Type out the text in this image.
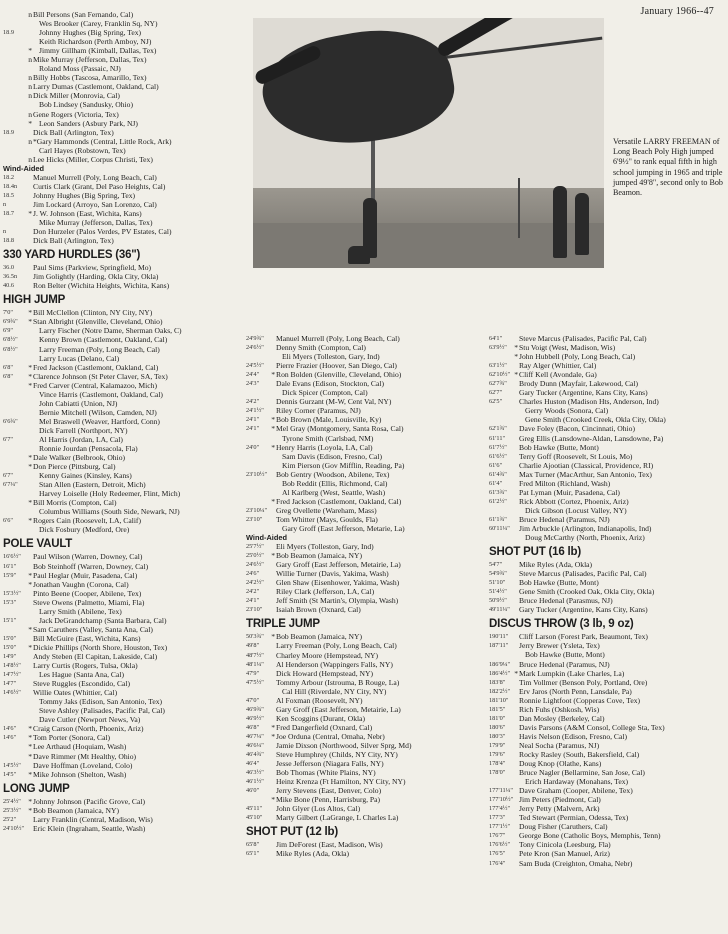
January 1966--47
Versatile LARRY FREEMAN of Long Beach Poly High jumped 6'9½" to rank equal fifth in high school jumping in 1965 and triple jumped 49'8", second only to Bob Beamon.
n Bill Persons (San Fernando, Cal)
Wes Brooker (Carey, Franklin Sq, NY)
18.9	Johnny Hughes (Big Spring, Tex)
Keith Richardson (Perth Amboy, NJ)
* Jimmy Gillham (Kimball, Dallas, Tex)
n Mike Murray (Jefferson, Dallas, Tex)
Roland Moss (Passaic, NJ)
n Billy Hobbs (Tascosa, Amarillo, Tex)
n Larry Dumas (Castlemont, Oakland, Cal)
n Dick Miller (Monrovia, Cal)
Bob Lindsey (Sandusky, Ohio)
n Gene Rogers (Victoria, Tex)
* Leon Sanders (Asbury Park, NJ)
18.9	Dick Ball (Arlington, Tex)
n *Gary Hammonds (Central, Little Rock, Ark)
Carl Hayes (Robstown, Tex)
n Lee Hicks (Miller, Corpus Christi, Tex)
Wind-Aided
18.2	Manuel Murrell (Poly, Long Beach, Cal)
18.4n	Curtis Clark (Grant, Del Paso Heights, Cal)
18.5	Johnny Hughes (Big Spring, Tex)
n	Jim Lockard (Arroyo, San Lorenzo, Cal)
18.7	* J. W. Johnson (East, Wichita, Kans)
Mike Murray (Jefferson, Dallas, Tex)
n	Don Hurzeler (Palos Verdes, PV Estates, Cal)
18.8	Dick Ball (Arlington, Tex)
330 YARD HURDLES (36")
36.0	Paul Sims (Parkview, Springfield, Mo)
36.5n	Jim Golightly (Harding, Okla City, Okla)
40.6	Ron Belter (Wichita Heights, Wichita, Kans)
HIGH JUMP
7'0"	* Bill McClellon (Clinton, NY City, NY)
6'9¾"	* Stan Albright (Glenville, Cleveland, Ohio)
6'9"	Larry Fischer (Notre Dame, Sherman Oaks, C)
6'8½"	Kenny Brown (Castlemont, Oakland, Cal)
6'8½"	Larry Freeman (Poly, Long Beach, Cal)
Larry Lucas (Delano, Cal)
6'8"	* Fred Jackson (Castlemont, Oakland, Cal)
6'8"	* Clarence Johnson (St Peter Claver, SA, Tex)
* Fred Carver (Central, Kalamazoo, Mich)
Vince Harris (Castlemont, Oakland, Cal)
John Cabiatti (Union, NJ)
Bernie Mitchell (Wilson, Camden, NJ)
6'6¾"	Mel Braswell (Weaver, Hartford, Conn)
Dick Farrell (Northport, NY)
6'7"	Al Harris (Jordan, LA, Cal)
Ronnie Jourdan (Pensacola, Fla)
* Dale Walker (Belbrook, Ohio)
* Don Pierce (Pittsburg, Cal)
6'7"	Kenny Gaines (Kinsley, Kans)
6'7¼"	Stan Allen (Eastern, Detroit, Mich)
Harvey Loiselle (Holy Redeemer, Flint, Mich)
* Bill Morris (Compton, Cal)
Columbus Williams (South Side, Newark, NJ)
6'6"	* Rogers Cain (Roosevelt, LA, Calif)
Dick Fosbury (Medford, Ore)
POLE VAULT
16'6½"	Paul Wilson (Warren, Downey, Cal)
16'1"	Bob Steinhoff (Warren, Downey, Cal)
15'9"	* Paul Heglar (Muir, Pasadena, Cal)
* Jonathan Vaughn (Corona, Cal)
15'3½"	Pinto Beene (Cooper, Abilene, Tex)
15'3"	Steve Owens (Palmetto, Miami, Fla)
Larry Smith (Abilene, Tex)
15'1"	Jack DeGrandchamp (Santa Barbara, Cal)
* Sam Caruthers (Valley, Santa Ana, Cal)
15'0"	Bill McGuire (East, Wichita, Kans)
15'0"	* Dickie Phillips (North Shore, Houston, Tex)
14'9"	Andy Steben (El Capitan, Lakeside, Cal)
14'8½"	Larry Curtis (Rogers, Tulsa, Okla)
14'7½"	Les Hague (Santa Ana, Cal)
14'7"	Steve Ruggles (Escondido, Cal)
14'6½"	Willie Oates (Whittier, Cal)
Tommy Jaks (Edison, San Antonio, Tex)
Steve Ashley (Palisades, Pacific Pal, Cal)
Dave Cutler (Newport News, Va)
14'6"	* Craig Carson (North, Phoenix, Ariz)
14'6"	* Tom Porter (Sonora, Cal)
* Lee Arthaud (Hoquiam, Wash)
* Dave Rimmer (Mt Healthy, Ohio)
14'5½"	Dave Hoffman (Loveland, Colo)
14'5"	* Mike Johnson (Shelton, Wash)
LONG JUMP
25'4½" * Johnny Johnson (Pacific Grove, Cal)
25'3½" * Bob Beamon (Jamaica, NY)
25'2"	Larry Franklin (Central, Madison, Wis)
24'10½" Eric Klein (Ingraham, Seattle, Wash)
24'9¾"	Manuel Murrell (Poly, Long Beach, Cal)
24'6½"	Denny Smith (Compton, Cal)
Eli Myers (Tolleston, Gary, Ind)
24'5½"	Pierre Frazier (Hoover, San Diego, Cal)
24'4"	* Ron Bolden (Glenville, Cleveland, Ohio)
24'3"	Dale Evans (Edison, Stockton, Cal)
Dick Spicer (Compton, Cal)
24'2"	Dennis Gurzant (M-W, Cent Val, NY)
24'1½"	Riley Corner (Paramus, NJ)
24'1"	* Bob Brown (Male, Louisville, Ky)
24'1"	* Mel Gray (Montgomery, Santa Rosa, Cal)
Tyrone Smith (Carlsbad, NM)
24'0"	* Henry Harris (Loyola, LA, Cal)
Sam Davis (Edison, Fresno, Cal)
Kim Pierson (Gov Mifflin, Reading, Pa)
23'10½" Bob Gentry (Woodson, Abilene, Tex)
Bob Reddit (Ellis, Richmond, Cal)
Al Karlberg (West, Seattle, Wash)
* Fred Jackson (Castlemont, Oakland, Cal)
23'10¼" Greg Ovellette (Wareham, Mass)
23'10"	Tom Whitter (Mays, Goulds, Fla)
Gary Groff (East Jefferson, Metarie, La)
Wind-Aided
25'7½"	Eli Myers (Tolleston, Gary, Ind)
25'0½" * Bob Beamon (Jamaica, NY)
24'6½"	Gary Groff (East Jefferson, Metairie, La)
24'6"	Willie Turner (Davis, Yakima, Wash)
24'2½"	Glen Shaw (Eisenhower, Yakima, Wash)
24'2"	Riley Clark (Jefferson, LA, Cal)
24'1"	Jeff Smith (St Martin's, Olympia, Wash)
23'10"	Isaiah Brown (Oxnard, Cal)
TRIPLE JUMP
50'3¾" * Bob Beamon (Jamaica, NY)
49'8"	Larry Freeman (Poly, Long Beach, Cal)
48'7½"	Charley Moore (Hempstead, NY)
48'1¼"	Al Henderson (Wappingers Falls, NY)
47'9"	Dick Howard (Hempstead, NY)
47'5½"	Tommy Arbour (Istrouma, B Rouge, La)
Cal Hill (Riverdale, NY City, NY)
47'0"	Al Foxman (Roosevelt, NY)
46'9¾"	Gary Groff (East Jefferson, Metairie, La)
46'9½"	Ken Scoggins (Durant, Okla)
46'8"	* Fred Dangerfield (Oxnard, Cal)
46'7¼" * Joe Orduna (Central, Omaha, Nebr)
46'6¼"	Jamie Dixson (Northwood, Silver Sprg, Md)
46'4¾"	Steve Humphrey (Childs, NY City, NY)
46'4"	Jesse Jefferson (Niagara Falls, NY)
46'3½"	Bob Thomas (White Plains, NY)
46'1½"	Heinz Krenza (Ft Hamilton, NY City, NY)
46'0"	Jerry Stevens (East, Denver, Colo)
* Mike Bone (Penn, Harrisburg, Pa)
45'11"	John Glyer (Los Altos, Cal)
45'10"	Marty Gilbert (LaGrange, L Charles La)
SHOT PUT (12 lb)
65'8"	Jim DeForest (East, Madison, Wis)
65'1"	Mike Ryles (Ada, Okla)
64'1"	Steve Marcus (Palisades, Pacific Pal, Cal)
63'9½" * Stu Voigt (West, Madison, Wis)
* John Hubbell (Poly, Long Beach, Cal)
63'1½"	Ray Alger (Whittier, Cal)
62'10½" * Cliff Kell (Avondale, Ga)
62'7¾"	Brody Dunn (Mayfair, Lakewood, Cal)
62'7"	Gary Tucker (Argentine, Kans City, Kans)
62'5"	Charles Huston (Madison Hts, Anderson, Ind)
Gerry Woods (Sonora, Cal)
Gene Smith (Crooked Creek, Okla City, Okla)
62'1¾"	Dave Foley (Bacon, Cincinnati, Ohio)
61'11"	Greg Ellis (Lansdowne-Aldan, Lansdowne, Pa)
61'7½"	Bob Hawke (Butte, Mont)
61'6½"	Terry Goff (Roosevelt, St Louis, Mo)
61'6"	Charlie Ajootian (Classical, Providence, RI)
61'4¾"	Max Turner (MacArthur, San Antonio, Tex)
61'4"	Fred Milton (Richland, Wash)
61'3¾"	Pat Lyman (Muir, Pasadena, Cal)
61'2½"	Rick Abbott (Cortez, Phoenix, Ariz)
Dick Gibson (Locust Valley, NY)
61'1¾"	Bruce Hedenal (Paramus, NJ)
60'11¼" Jim Arbuckle (Arlington, Indianapolis, Ind)
Doug McCarthy (North, Phoenix, Ariz)
SHOT PUT (16 lb)
54'7"	Mike Ryles (Ada, Okla)
54'9¾"	Steve Marcus (Palisades, Pacific Pal, Cal)
51'10"	Bob Hawke (Butte, Mont)
51'4½"	Gene Smith (Crooked Oak, Okla City, Okla)
50'9½"	Bruce Hedenal (Parasmus, NJ)
49'11¼" Gary Tucker (Argentine, Kans City, Kans)
DISCUS THROW (3 lb, 9 oz)
190'11"	Cliff Larson (Forest Park, Beaumont, Tex)
187'11"	Jerry Brewer (Ysleta, Tex)
Bob Hawke (Butte, Mont)
186'9¼" Bruce Hedenal (Paramus, NJ)
186'4½" * Mark Lumpkin (Lake Charles, La)
183'8"	Tim Vollmer (Benson Poly, Portland, Ore)
182'2½" Erv Jaros (North Penn, Lansdale, Pa)
181'10"	Ronnie Lightfoot (Copperas Cove, Tex)
181'5"	Rich Fuhs (Oshkosh, Wis)
181'0"	Dan Mosley (Berkeley, Cal)
180'6"	Davis Parsons (A&M Consol, College Sta, Tex)
180'3"	Havis Nelson (Edison, Fresno, Cal)
179'9"	Neal Socha (Paramus, NJ)
179'6"	Rocky Rasley (South, Bakersfield, Cal)
178'4"	Doug Knop (Olathe, Kans)
178'0"	Bruce Nagler (Bellarmine, San Jose, Cal)
Erich Hardaway (Monahans, Tex)
177'11¼" Dave Graham (Cooper, Abilene, Tex)
177'10½" Jim Peters (Piedmont, Cal)
177'4½" Jerry Petty (Malvern, Ark)
177'3"	Ted Stewart (Permian, Odessa, Tex)
177'1½" Doug Fisher (Caruthers, Cal)
176'7"	George Bone (Catholic Boys, Memphis, Tenn)
176'6½" Tony Cinicola (Leesburg, Fla)
176'5"	Pete Kron (San Manuel, Ariz)
176'4"	Sam Buda (Creighton, Omaha, Nebr)
